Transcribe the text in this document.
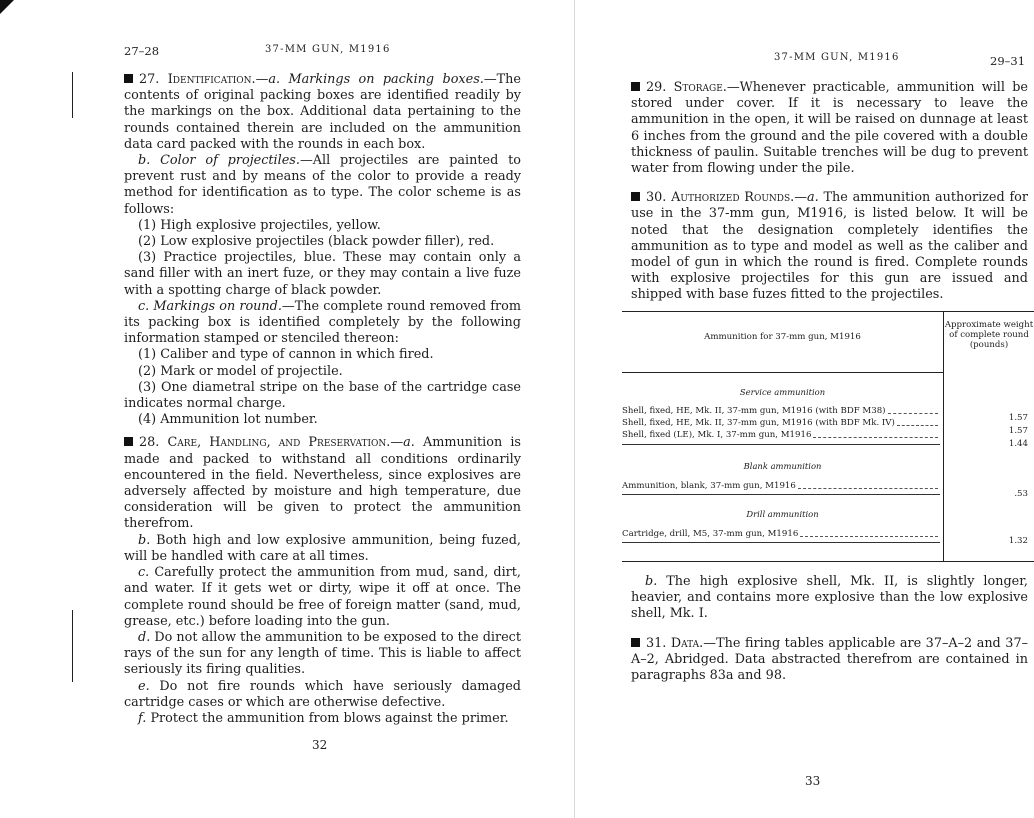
27–28	37-MM GUN, M1916

27. Identification.—a. Markings on packing boxes.—The contents of original packing boxes are identified readily by the markings on the box. Additional data pertaining to the rounds contained therein are included on the ammunition data card packed with the rounds in each box.

b. Color of projectiles.—All projectiles are painted to prevent rust and by means of the color to provide a ready method for identification as to type. The color scheme is as follows:

(1) High explosive projectiles, yellow.

(2) Low explosive projectiles (black powder filler), red.

(3) Practice projectiles, blue. These may contain only a sand filler with an inert fuze, or they may contain a live fuze with a spotting charge of black powder.

c. Markings on round.—The complete round removed from its packing box is identified completely by the following information stamped or stenciled thereon:

(1) Caliber and type of cannon in which fired.

(2) Mark or model of projectile.

(3) One diametral stripe on the base of the cartridge case indicates normal charge.

(4) Ammunition lot number.

28. Care, Handling, and Preservation.—a. Ammunition is made and packed to withstand all conditions ordinarily encountered in the field. Nevertheless, since explosives are adversely affected by moisture and high temperature, due consideration will be given to protect the ammunition therefrom.

b. Both high and low explosive ammunition, being fuzed, will be handled with care at all times.

c. Carefully protect the ammunition from mud, sand, dirt, and water. If it gets wet or dirty, wipe it off at once. The complete round should be free of foreign matter (sand, mud, grease, etc.) before loading into the gun.

d. Do not allow the ammunition to be exposed to the direct rays of the sun for any length of time. This is liable to affect seriously its firing qualities.

e. Do not fire rounds which have seriously damaged cartridge cases or which are otherwise defective.

f. Protect the ammunition from blows against the primer.

32
37-MM GUN, M1916	29–31

29. Storage.—Whenever practicable, ammunition will be stored under cover. If it is necessary to leave the ammunition in the open, it will be raised on dunnage at least 6 inches from the ground and the pile covered with a double thickness of paulin. Suitable trenches will be dug to prevent water from flowing under the pile.

30. Authorized Rounds.—a. The ammunition authorized for use in the 37-mm gun, M1916, is listed below. It will be noted that the designation completely identifies the ammunition as to type and model as well as the caliber and model of gun in which the round is fired. Complete rounds with explosive projectiles for this gun are issued and shipped with base fuzes fitted to the projectiles.

Ammunition for 37-mm gun, M1916
Approximate weight of complete round (pounds)
Service ammunition
Shell, fixed, HE, Mk. II, 37-mm gun, M1916 (with BDF M38)
Shell, fixed, HE, Mk. II, 37-mm gun, M1916 (with BDF Mk. IV)
Shell, fixed (LE), Mk. I, 37-mm gun, M1916
1.57
1.57
1.44
Blank ammunition
Ammunition, blank, 37-mm gun, M1916
.53
Drill ammunition
Cartridge, drill, M5, 37-mm gun, M1916
1.32

b. The high explosive shell, Mk. II, is slightly longer, heavier, and contains more explosive than the low explosive shell, Mk. I.

31. Data.—The firing tables applicable are 37–A–2 and 37–A–2, Abridged. Data abstracted therefrom are contained in paragraphs 83a and 98.

33
